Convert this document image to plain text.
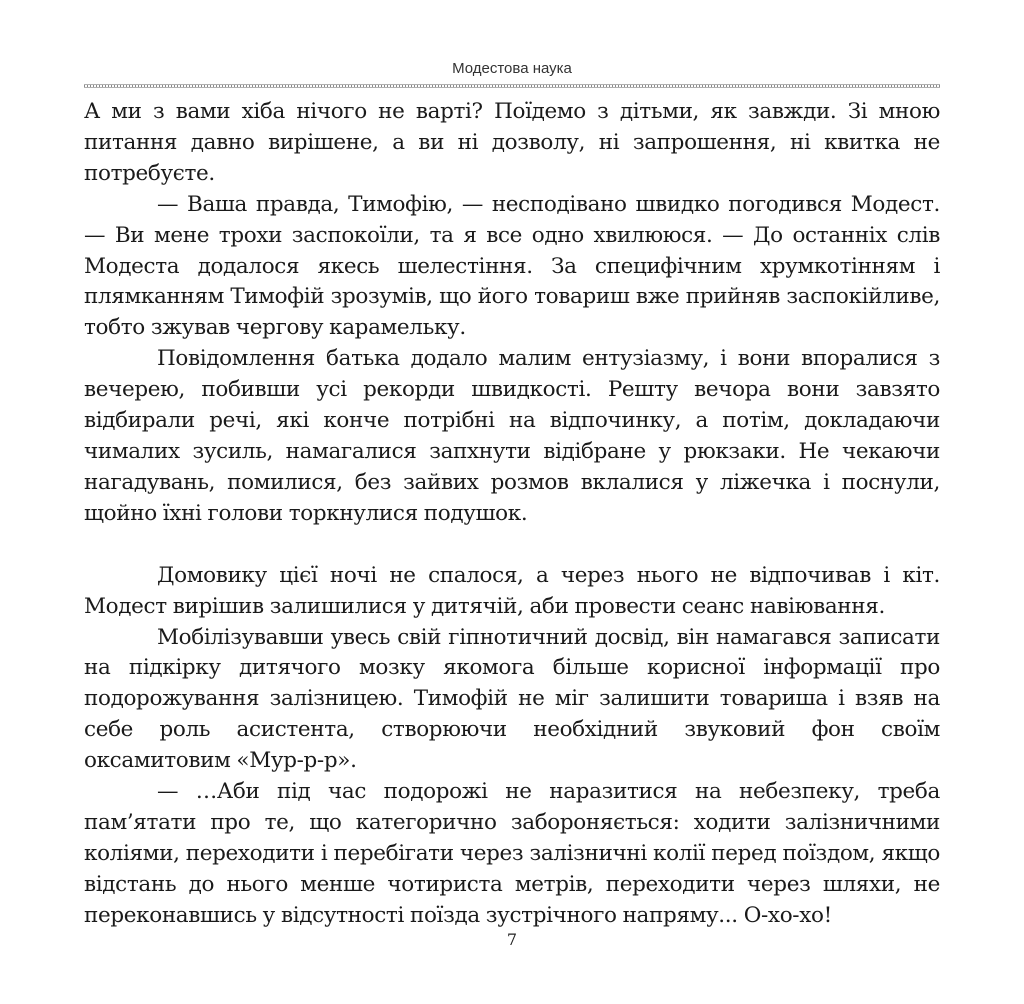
Модестова наука

А ми з вами хіба нічого не варті? Поїдемо з дітьми, як завжди. Зі мною питання давно вирішене, а ви ні дозволу, ні запрошення, ні квитка не потребуєте.

— Ваша правда, Тимофію, — несподівано швидко погодився Модест. — Ви мене трохи заспокоїли, та я все одно хвилююся. — До останніх слів Модеста додалося якесь шелестіння. За специфічним хрумкотінням і плямканням Тимофій зрозумів, що його товариш вже прийняв заспокійливе, тобто зжував чергову карамельку.

Повідомлення батька додало малим ентузіазму, і вони впоралися з вечерею, побивши усі рекорди швидкості. Решту вечора вони завзято відбирали речі, які конче потрібні на відпочинку, а потім, докладаючи чималих зусиль, намагалися запхнути відібране у рюкзаки. Не чекаючи нагадувань, помилися, без зайвих розмов вклалися у ліжечка і поснули, щойно їхні голови торкнулися подушок.

Домовику цієї ночі не спалося, а через нього не відпочивав і кіт. Модест вирішив залишилися у дитячій, аби провести сеанс навіювання.

Мобілізувавши увесь свій гіпнотичний досвід, він намагався записати на підкірку дитячого мозку якомога більше корисної інформації про подорожування залізницею. Тимофій не міг залишити товариша і взяв на себе роль асистента, створюючи необхідний звуковий фон своїм оксамитовим «Мур-р-р».

— …Аби під час подорожі не наразитися на небезпеку, треба пам’ятати про те, що категорично забороняється: ходити залізничними коліями, переходити і перебігати через залізничні колії перед поїздом, якщо відстань до нього менше чотириста метрів, переходити через шляхи, не переконавшись у відсутності поїзда зустрічного напряму... О-хо-хо!

7
